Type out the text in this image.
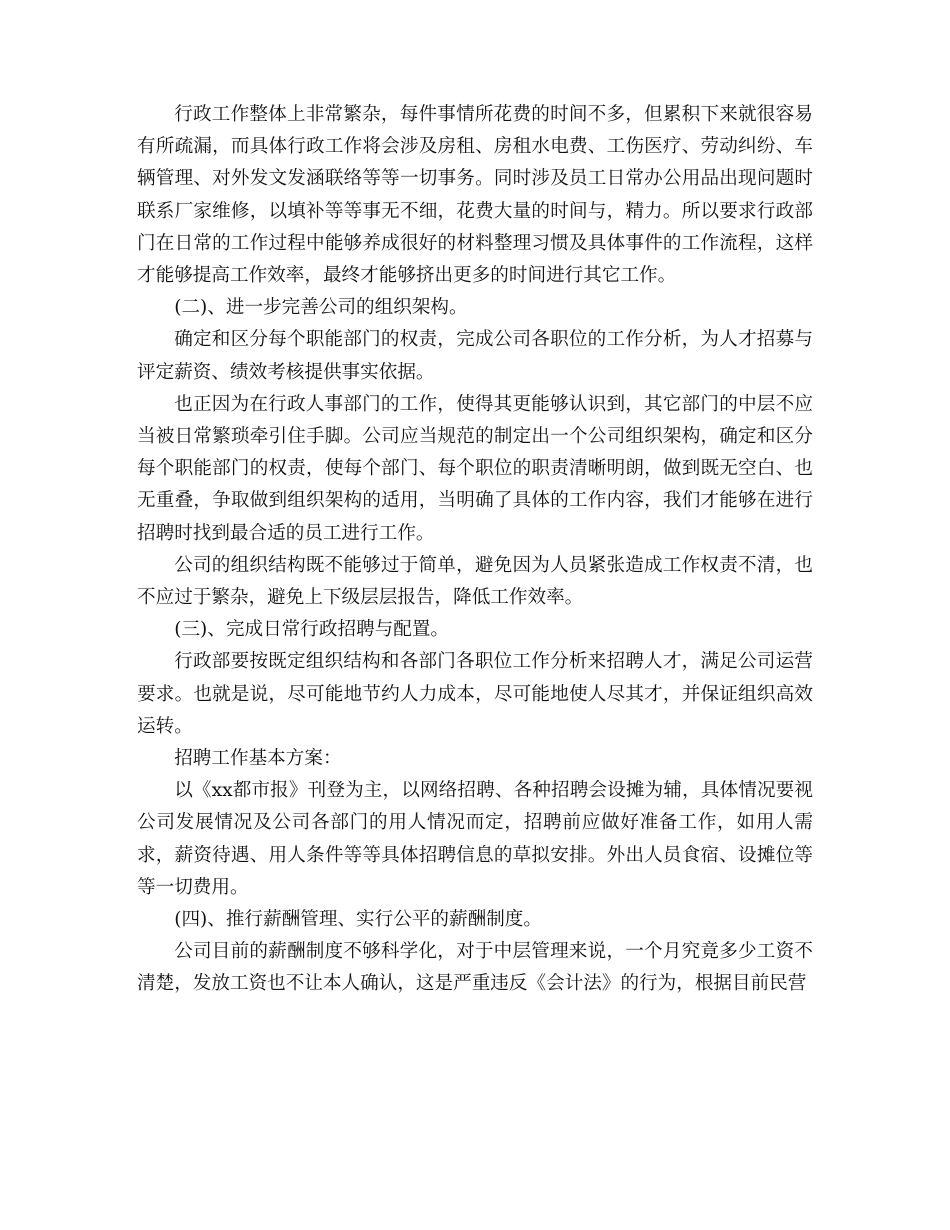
行政工作整体上非常繁杂，每件事情所花费的时间不多，但累积下来就很容易有所疏漏，而具体行政工作将会涉及房租、房租水电费、工伤医疗、劳动纠纷、车辆管理、对外发文发涵联络等等一切事务。同时涉及员工日常办公用品出现问题时联系厂家维修，以填补等等事无不细，花费大量的时间与，精力。所以要求行政部门在日常的工作过程中能够养成很好的材料整理习惯及具体事件的工作流程，这样才能够提高工作效率，最终才能够挤出更多的时间进行其它工作。

(二)、进一步完善公司的组织架构。

确定和区分每个职能部门的权责，完成公司各职位的工作分析，为人才招募与评定薪资、绩效考核提供事实依据。

也正因为在行政人事部门的工作，使得其更能够认识到，其它部门的中层不应当被日常繁琐牵引住手脚。公司应当规范的制定出一个公司组织架构，确定和区分每个职能部门的权责，使每个部门、每个职位的职责清晰明朗，做到既无空白、也无重叠，争取做到组织架构的适用，当明确了具体的工作内容，我们才能够在进行招聘时找到最合适的员工进行工作。

公司的组织结构既不能够过于简单，避免因为人员紧张造成工作权责不清，也不应过于繁杂，避免上下级层层报告，降低工作效率。

(三)、完成日常行政招聘与配置。

行政部要按既定组织结构和各部门各职位工作分析来招聘人才，满足公司运营要求。也就是说，尽可能地节约人力成本，尽可能地使人尽其才，并保证组织高效运转。

招聘工作基本方案：

以《xx都市报》刊登为主，以网络招聘、各种招聘会设摊为辅，具体情况要视公司发展情况及公司各部门的用人情况而定，招聘前应做好准备工作，如用人需求，薪资待遇、用人条件等等具体招聘信息的草拟安排。外出人员食宿、设摊位等等一切费用。

(四)、推行薪酬管理、实行公平的薪酬制度。

公司目前的薪酬制度不够科学化，对于中层管理来说，一个月究竟多少工资不清楚，发放工资也不让本人确认，这是严重违反《会计法》的行为，根据目前民营
